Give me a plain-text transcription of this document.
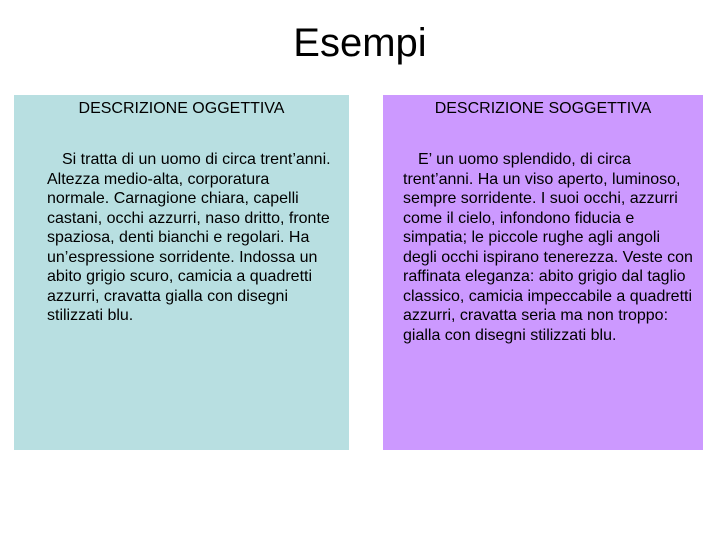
Esempi
DESCRIZIONE OGGETTIVA
Si tratta di un uomo di circa trent’anni. Altezza medio-alta, corporatura normale. Carnagione chiara, capelli castani, occhi azzurri, naso dritto, fronte spaziosa, denti bianchi e regolari. Ha un’espressione sorridente. Indossa un abito grigio scuro, camicia a quadretti azzurri, cravatta gialla con disegni stilizzati blu.
DESCRIZIONE SOGGETTIVA
E’ un uomo splendido, di circa trent’anni. Ha un viso aperto, luminoso, sempre sorridente. I suoi occhi, azzurri come il cielo, infondono fiducia e simpatia; le piccole rughe agli angoli degli occhi ispirano tenerezza. Veste con raffinata eleganza: abito grigio dal taglio classico, camicia impeccabile a quadretti azzurri, cravatta seria ma non troppo: gialla con disegni stilizzati blu.
